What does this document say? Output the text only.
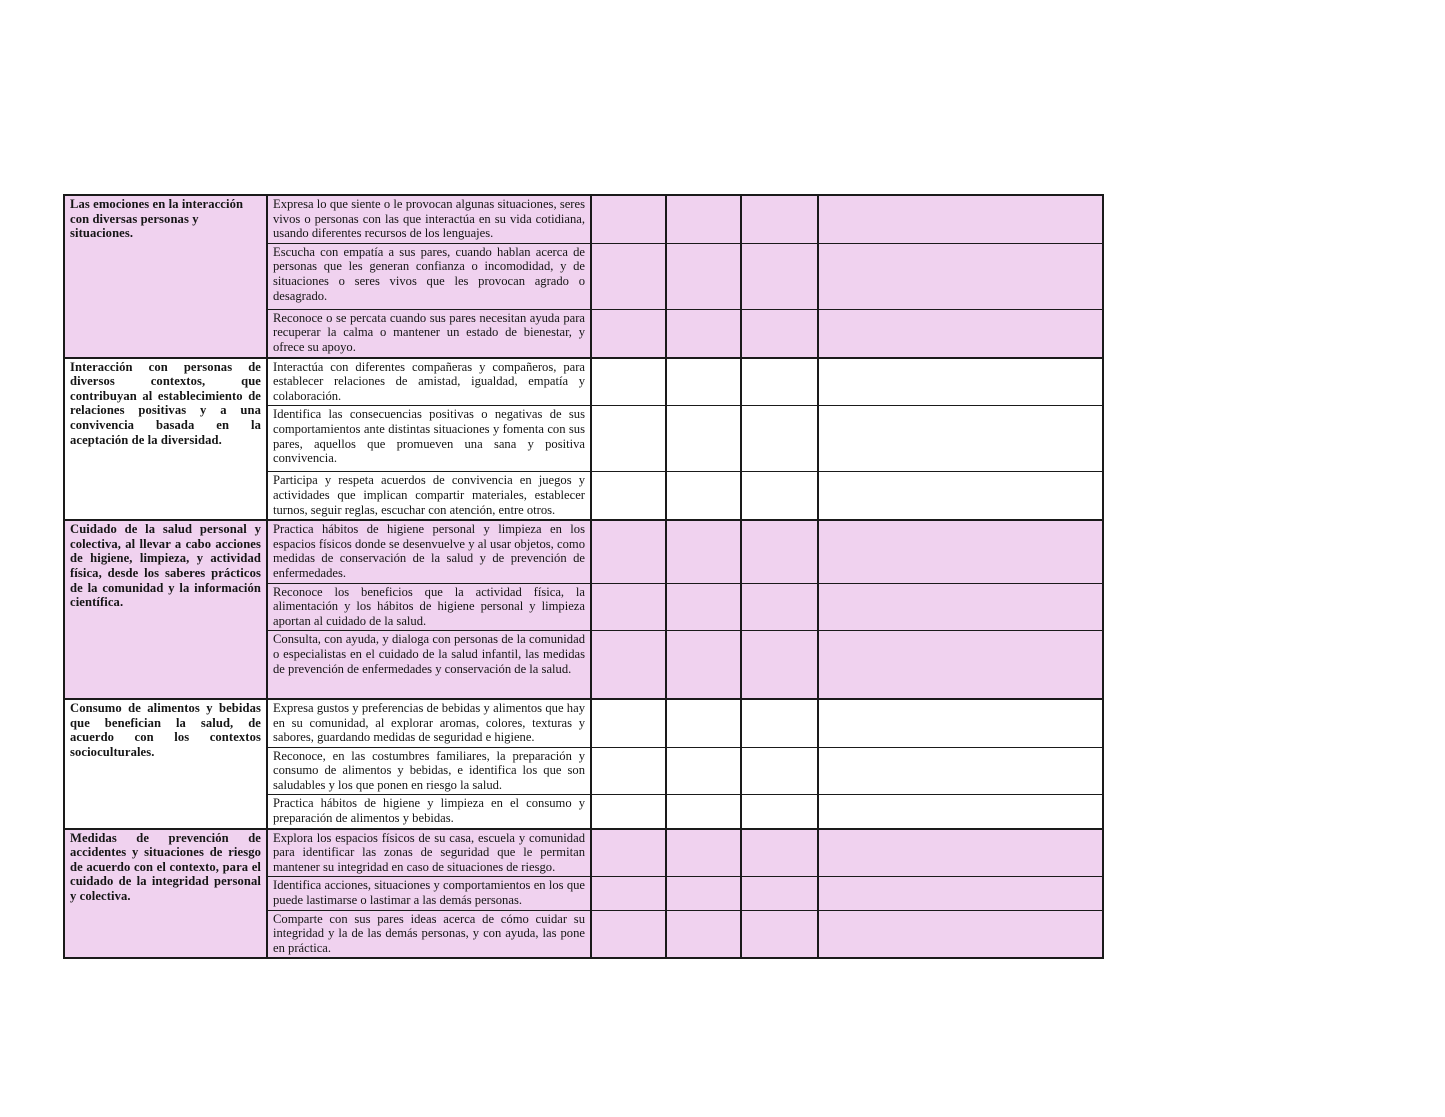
Las emociones en la interacción con diversas personas y situaciones.	Expresa lo que siente o le provocan algunas situaciones, seres vivos o personas con las que interactúa en su vida cotidiana, usando diferentes recursos de los lenguajes.				
	Escucha con empatía a sus pares, cuando hablan acerca de personas que les generan confianza o incomodidad, y de situaciones o seres vivos que les provocan agrado o desagrado.				
	Reconoce o se percata cuando sus pares necesitan ayuda para recuperar la calma o mantener un estado de bienestar, y ofrece su apoyo.				
Interacción con personas de diversos contextos, que contribuyan al establecimiento de relaciones positivas y a una convivencia basada en la aceptación de la diversidad.	Interactúa con diferentes compañeras y compañeros, para establecer relaciones de amistad, igualdad, empatía y colaboración.				
	Identifica las consecuencias positivas o negativas de sus comportamientos ante distintas situaciones y fomenta con sus pares, aquellos que promueven una sana y positiva convivencia.				
	Participa y respeta acuerdos de convivencia en juegos y actividades que implican compartir materiales, establecer turnos, seguir reglas, escuchar con atención, entre otros.				
Cuidado de la salud personal y colectiva, al llevar a cabo acciones de higiene, limpieza, y actividad física, desde los saberes prácticos de la comunidad y la información científica.	Practica hábitos de higiene personal y limpieza en los espacios físicos donde se desenvuelve y al usar objetos, como medidas de conservación de la salud y de prevención de enfermedades.				
	Reconoce los beneficios que la actividad física, la alimentación y los hábitos de higiene personal y limpieza aportan al cuidado de la salud.				
	Consulta, con ayuda, y dialoga con personas de la comunidad o especialistas en el cuidado de la salud infantil, las medidas de prevención de enfermedades y conservación de la salud.				
Consumo de alimentos y bebidas que benefician la salud, de acuerdo con los contextos socioculturales.	Expresa gustos y preferencias de bebidas y alimentos que hay en su comunidad, al explorar aromas, colores, texturas y sabores, guardando medidas de seguridad e higiene.				
	Reconoce, en las costumbres familiares, la preparación y consumo de alimentos y bebidas, e identifica los que son saludables y los que ponen en riesgo la salud.				
	Practica hábitos de higiene y limpieza en el consumo y preparación de alimentos y bebidas.				
Medidas de prevención de accidentes y situaciones de riesgo de acuerdo con el contexto, para el cuidado de la integridad personal y colectiva.	Explora los espacios físicos de su casa, escuela y comunidad para identificar las zonas de seguridad que le permitan mantener su integridad en caso de situaciones de riesgo.				
	Identifica acciones, situaciones y comportamientos en los que puede lastimarse o lastimar a las demás personas.				
	Comparte con sus pares ideas acerca de cómo cuidar su integridad y la de las demás personas, y con ayuda, las pone en práctica.				
